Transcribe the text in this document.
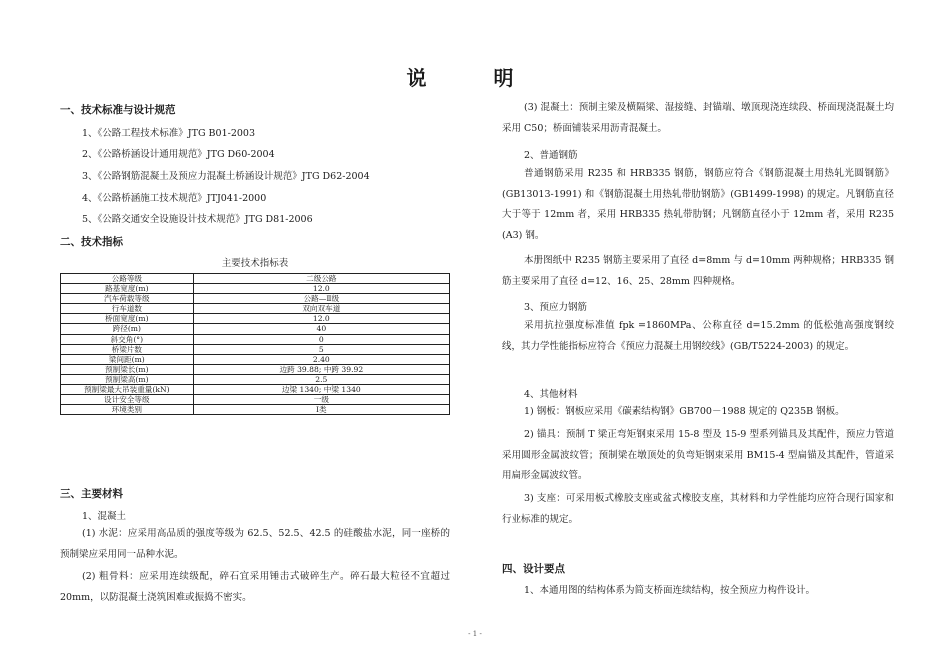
说 明
一、技术标准与设计规范
1、《公路工程技术标准》JTG B01-2003
2、《公路桥涵设计通用规范》JTG D60-2004
3、《公路钢筋混凝土及预应力混凝土桥涵设计规范》JTG D62-2004
4、《公路桥涵施工技术规范》JTJ041-2000
5、《公路交通安全设施设计技术规范》JTG D81-2006
二、技术指标
主要技术指标表
公路等级	二级公路
路基宽度(m)	12.0
汽车荷载等级	公路—Ⅱ级
行车道数	双向双车道
桥面宽度(m)	12.0
跨径(m)	40
斜交角(°)	0
桥梁片数	5
梁间距(m)	2.40
预制梁长(m)	边跨 39.88; 中跨 39.92
预制梁高(m)	2.5
预制梁最大吊装重量(kN)	边梁 1340; 中梁 1340
设计安全等级	一级
环境类别	Ⅰ类
三、主要材料
1、混凝土
(1) 水泥：应采用高品质的强度等级为 62.5、52.5、42.5 的硅酸盐水泥，同一座桥的预制梁应采用同一品种水泥。
(2) 粗骨料：应采用连续级配，碎石宜采用锤击式破碎生产。碎石最大粒径不宜超过 20mm，以防混凝土浇筑困难或振捣不密实。
(3) 混凝土：预制主梁及横隔梁、湿接缝、封锚端、墩顶现浇连续段、桥面现浇混凝土均采用 C50；桥面铺装采用沥青混凝土。
2、普通钢筋
普通钢筋采用 R235 和 HRB335 钢筋，钢筋应符合《钢筋混凝土用热轧光圆钢筋》(GB13013-1991) 和《钢筋混凝土用热轧带肋钢筋》(GB1499-1998) 的规定。凡钢筋直径大于等于 12mm 者，采用 HRB335 热轧带肋钢；凡钢筋直径小于 12mm 者，采用 R235 (A3) 钢。
本册图纸中 R235 钢筋主要采用了直径 d=8mm 与 d=10mm 两种规格；HRB335 钢筋主要采用了直径 d=12、16、25、28mm 四种规格。
3、预应力钢筋
采用抗拉强度标准值 fpk =1860MPa、公称直径 d=15.2mm 的低松弛高强度钢绞线，其力学性能指标应符合《预应力混凝土用钢绞线》(GB/T5224-2003) 的规定。
4、其他材料
1) 钢板：钢板应采用《碳素结构钢》GB700－1988 规定的 Q235B 钢板。
2) 锚具：预制 T 梁正弯矩钢束采用 15-8 型及 15-9 型系列锚具及其配件，预应力管道采用圆形金属波纹管；预制梁在墩顶处的负弯矩钢束采用 BM15-4 型扁锚及其配件，管道采用扁形金属波纹管。
3) 支座：可采用板式橡胶支座或盆式橡胶支座，其材料和力学性能均应符合现行国家和行业标准的规定。
四、设计要点
1、本通用图的结构体系为简支桥面连续结构，按全预应力构件设计。
- 1 -
